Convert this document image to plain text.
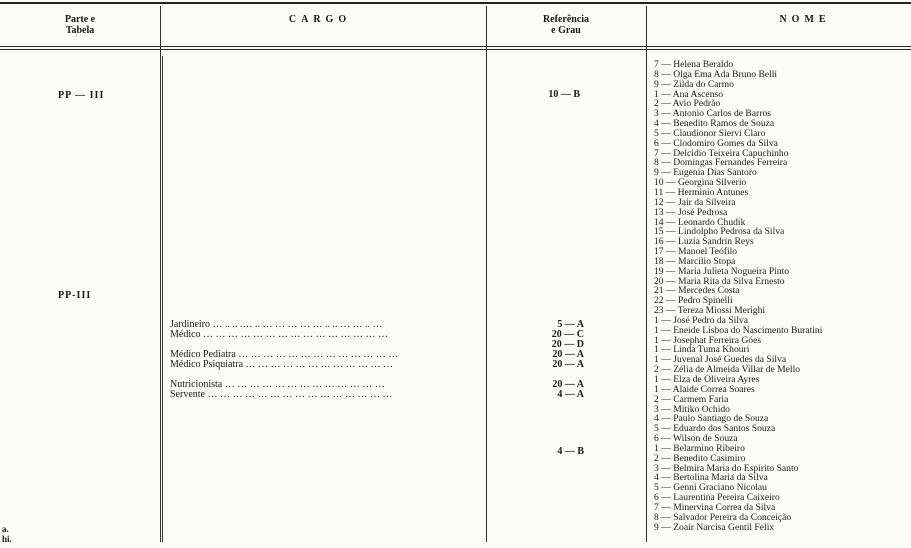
Parte e
Tabela
CARGO	Referência
e Grau
NOME
PP — III
PP-III
10 — B
Jardineiro … .. .. .… .. … … … … … .. .. … … .. …
Médico … … … … … … … … … … … … … … …
Médico Pediatra … … … … … … … … … … … … …
Médico Psiquiatra … … … … … … … … … … … …
Nutricionista … … … … … … … … … … … … …
Servente … … … … … … … … … … … … … … …
5 — A
20 — C
20 — D
20 — A
20 — A
20 — A
4 — A
4 — B
7 — Helena Beraldo
8 — Olga Ema Ada Bruno Belli
9 — Zilda do Carmo
1 — Ana Ascenso
2 — Avio Pedrão
3 — Antonio Carlos de Barros
4 — Benedito Ramos de Souza
5 — Claudionor Siervi Claro
6 — Clodomiro Gomes da Silva
7 — Delcidio Teixeira Capuchinho
8 — Domingas Fernandes Ferreira
9 — Eugenia Dias Santoro
10 — Georgina Silverio
11 — Herminio Antunes
12 — Jair da Silveira
13 — José Pedrosa
14 — Leonardo Chudik
15 — Lindolpho Pedrosa da Silva
16 — Luzia Sandrin Reys
17 — Manoel Teófilo
18 — Marcilio Stopa
19 — Maria Julieta Nogueira Pinto
20 — Maria Rita da Silva Ernesto
21 — Mercedes Costa
22 — Pedro Spinelli
23 — Tereza Miossi Merighi
1 — José Pedro da Silva
1 — Eneide Lisboa do Nascimento Buratini
1 — Josephat Ferreira Góes
1 — Linda Tuma Khouri
1 — Juvenal José Guedes da Silva
2 — Zélia de Almeida Villar de Mello
1 — Elza de Oliveira Ayres
1 — Alaide Correa Soares
2 — Carmem Faria
3 — Mitiko Ochido
4 — Paulo Santiago de Souza
5 — Eduardo dos Santos Souza
6 — Wilson de Souza
1 — Belarmino Ribeiro
2 — Benedito Casimiro
3 — Belmira Maria do Espírito Santo
4 — Bertolina Maria da Silva
5 — Genni Graciano Nicolau
6 — Laurentina Pereira Caixeiro
7 — Minervina Correa da Silva
8 — Salvador Pereira da Conceição
9 — Zoair Narcisa Gentil Felix
a.
hi.
